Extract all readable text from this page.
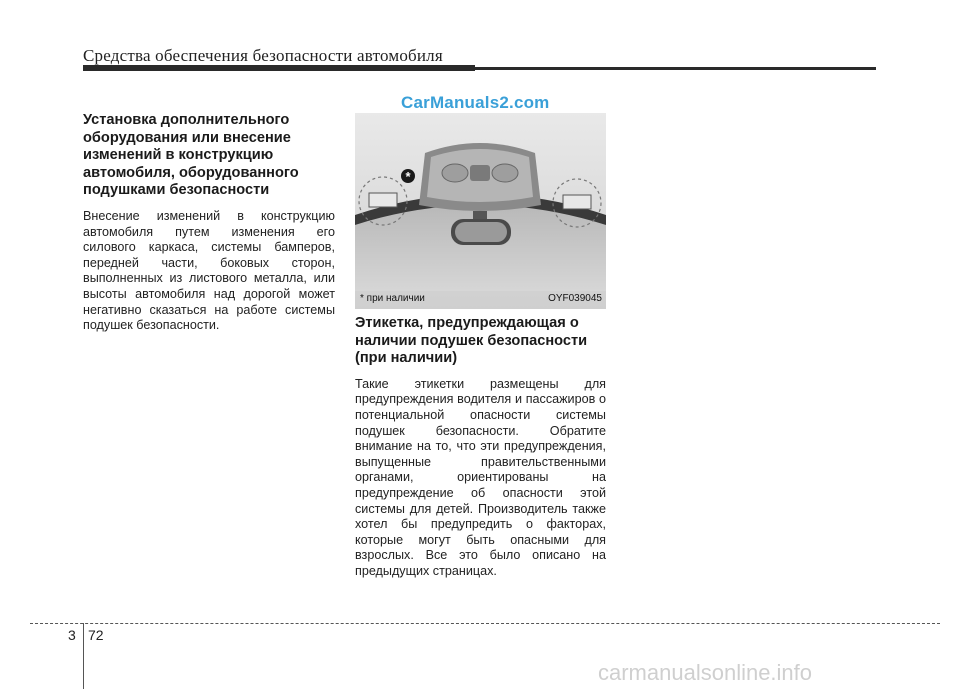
Средства обеспечения безопасности автомобиля
CarManuals2.com
Установка дополнительного оборудования или внесение изменений в конструкцию автомобиля, оборудованного подушками безопасности

Внесение изменений в конструкцию автомобиля путем изменения его силового каркаса, системы бамперов, передней части, боковых сторон, выполненных из листового металла, или высоты автомобиля над дорогой может негативно сказаться на работе системы подушек безопасности.

*
* при наличии	OYF039045
Этикетка, предупреждающая о наличии подушек безопасности (при наличии)

Такие этикетки размещены для предупреждения водителя и пассажиров о потенциальной опасности системы подушек безопасности. Обратите внимание на то, что эти предупреждения, выпущенные правительственными органами, ориентированы на предупреждение об опасности этой системы для детей. Производитель также хотел бы предупредить о факторах, которые могут быть опасными для взрослых. Все это было описано на предыдущих страницах.

3 72
carmanualsonline.info
